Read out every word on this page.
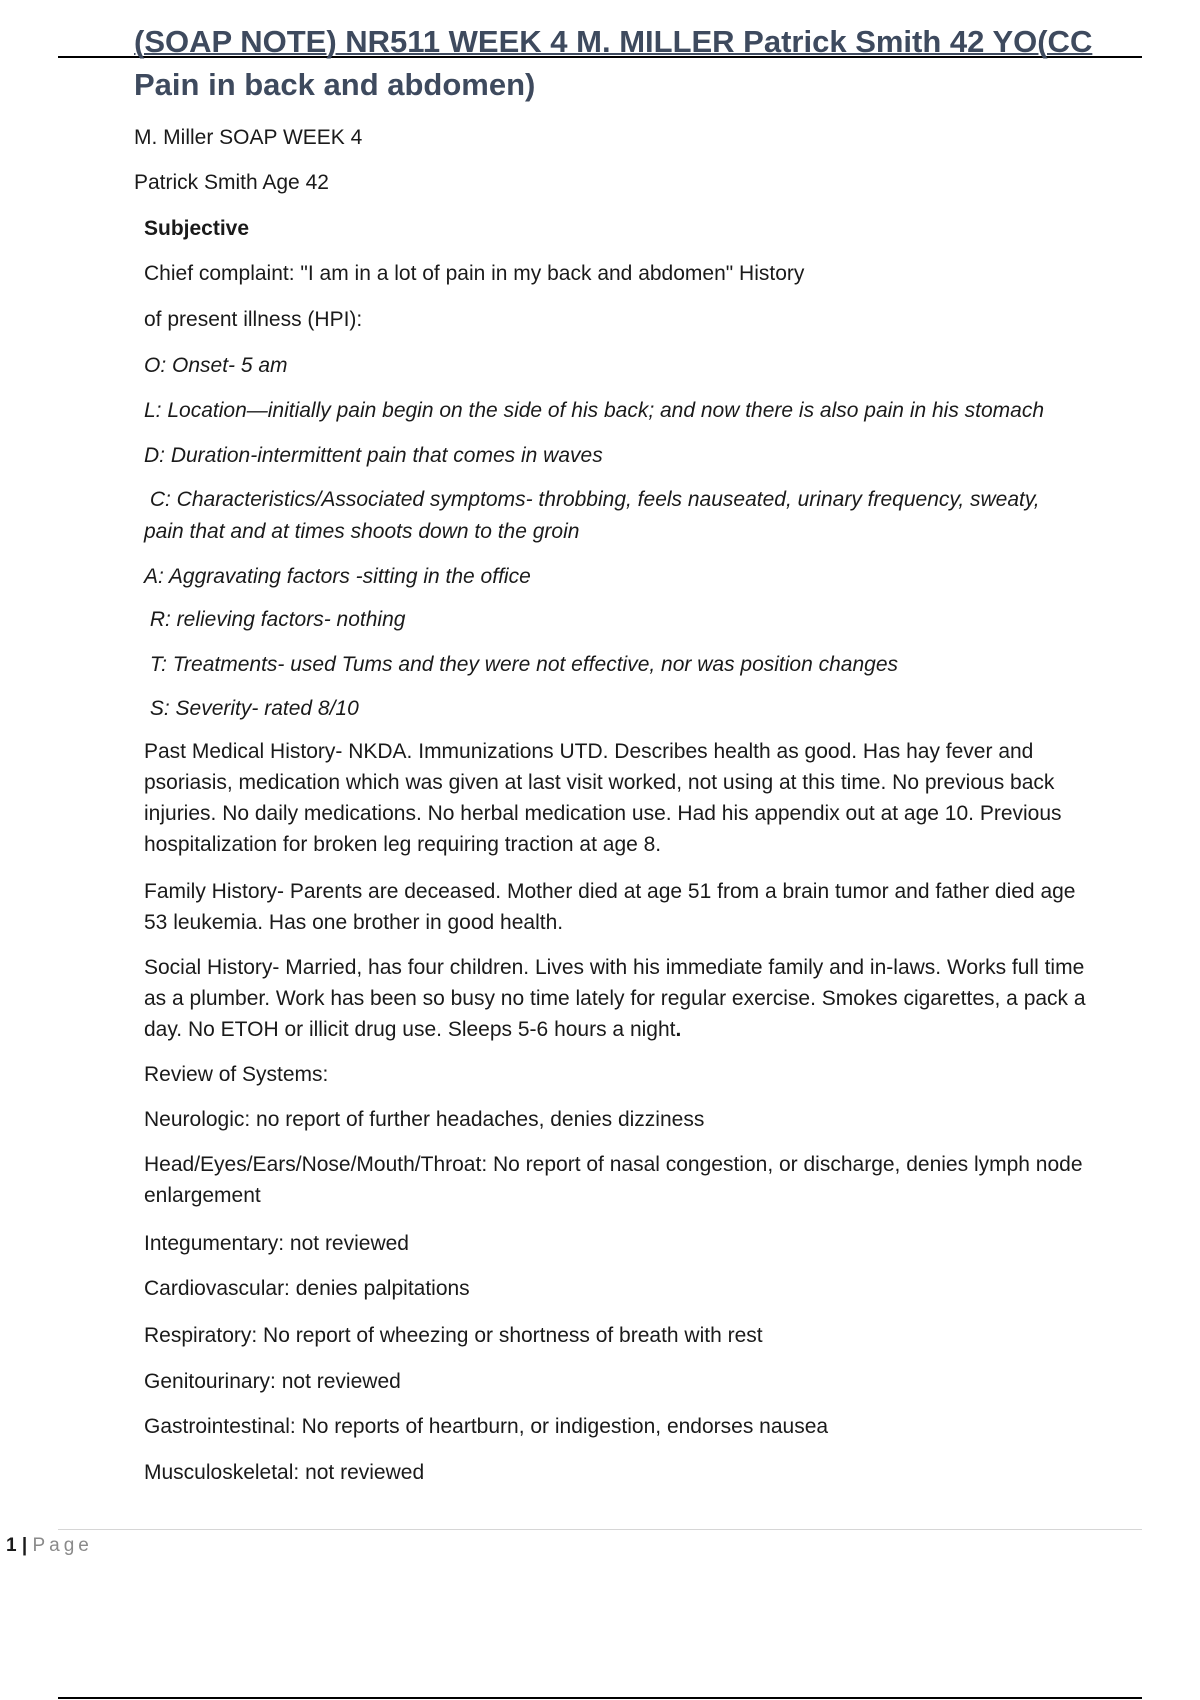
(SOAP NOTE) NR511 WEEK 4 M. MILLER Patrick Smith 42 YO(CC
Pain in back and abdomen)
M. Miller SOAP WEEK 4
Patrick Smith Age 42
Subjective
Chief complaint: "I am in a lot of pain in my back and abdomen" History
of present illness (HPI):
O: Onset- 5 am
L: Location—initially pain begin on the side of his back; and now there is also pain in his stomach
D: Duration-intermittent pain that comes in waves
C: Characteristics/Associated symptoms- throbbing, feels nauseated, urinary frequency, sweaty,
pain that and at times shoots down to the groin
A: Aggravating factors -sitting in the office
R: relieving factors- nothing
T: Treatments- used Tums and they were not effective, nor was position changes
S: Severity- rated 8/10
Past Medical History- NKDA. Immunizations UTD. Describes health as good. Has hay fever and psoriasis, medication which was given at last visit worked, not using at this time. No previous back injuries. No daily medications. No herbal medication use. Had his appendix out at age 10. Previous hospitalization for broken leg requiring traction at age 8.
Family History- Parents are deceased. Mother died at age 51 from a brain tumor and father died age 53 leukemia. Has one brother in good health.
Social History- Married, has four children. Lives with his immediate family and in-laws. Works full time as a plumber. Work has been so busy no time lately for regular exercise. Smokes cigarettes, a pack a day. No ETOH or illicit drug use. Sleeps 5-6 hours a night.
Review of Systems:
Neurologic: no report of further headaches, denies dizziness
Head/Eyes/Ears/Nose/Mouth/Throat: No report of nasal congestion, or discharge, denies lymph node enlargement
Integumentary: not reviewed
Cardiovascular: denies palpitations
Respiratory: No report of wheezing or shortness of breath with rest
Genitourinary: not reviewed
Gastrointestinal: No reports of heartburn, or indigestion, endorses nausea
Musculoskeletal: not reviewed
1 | Page
